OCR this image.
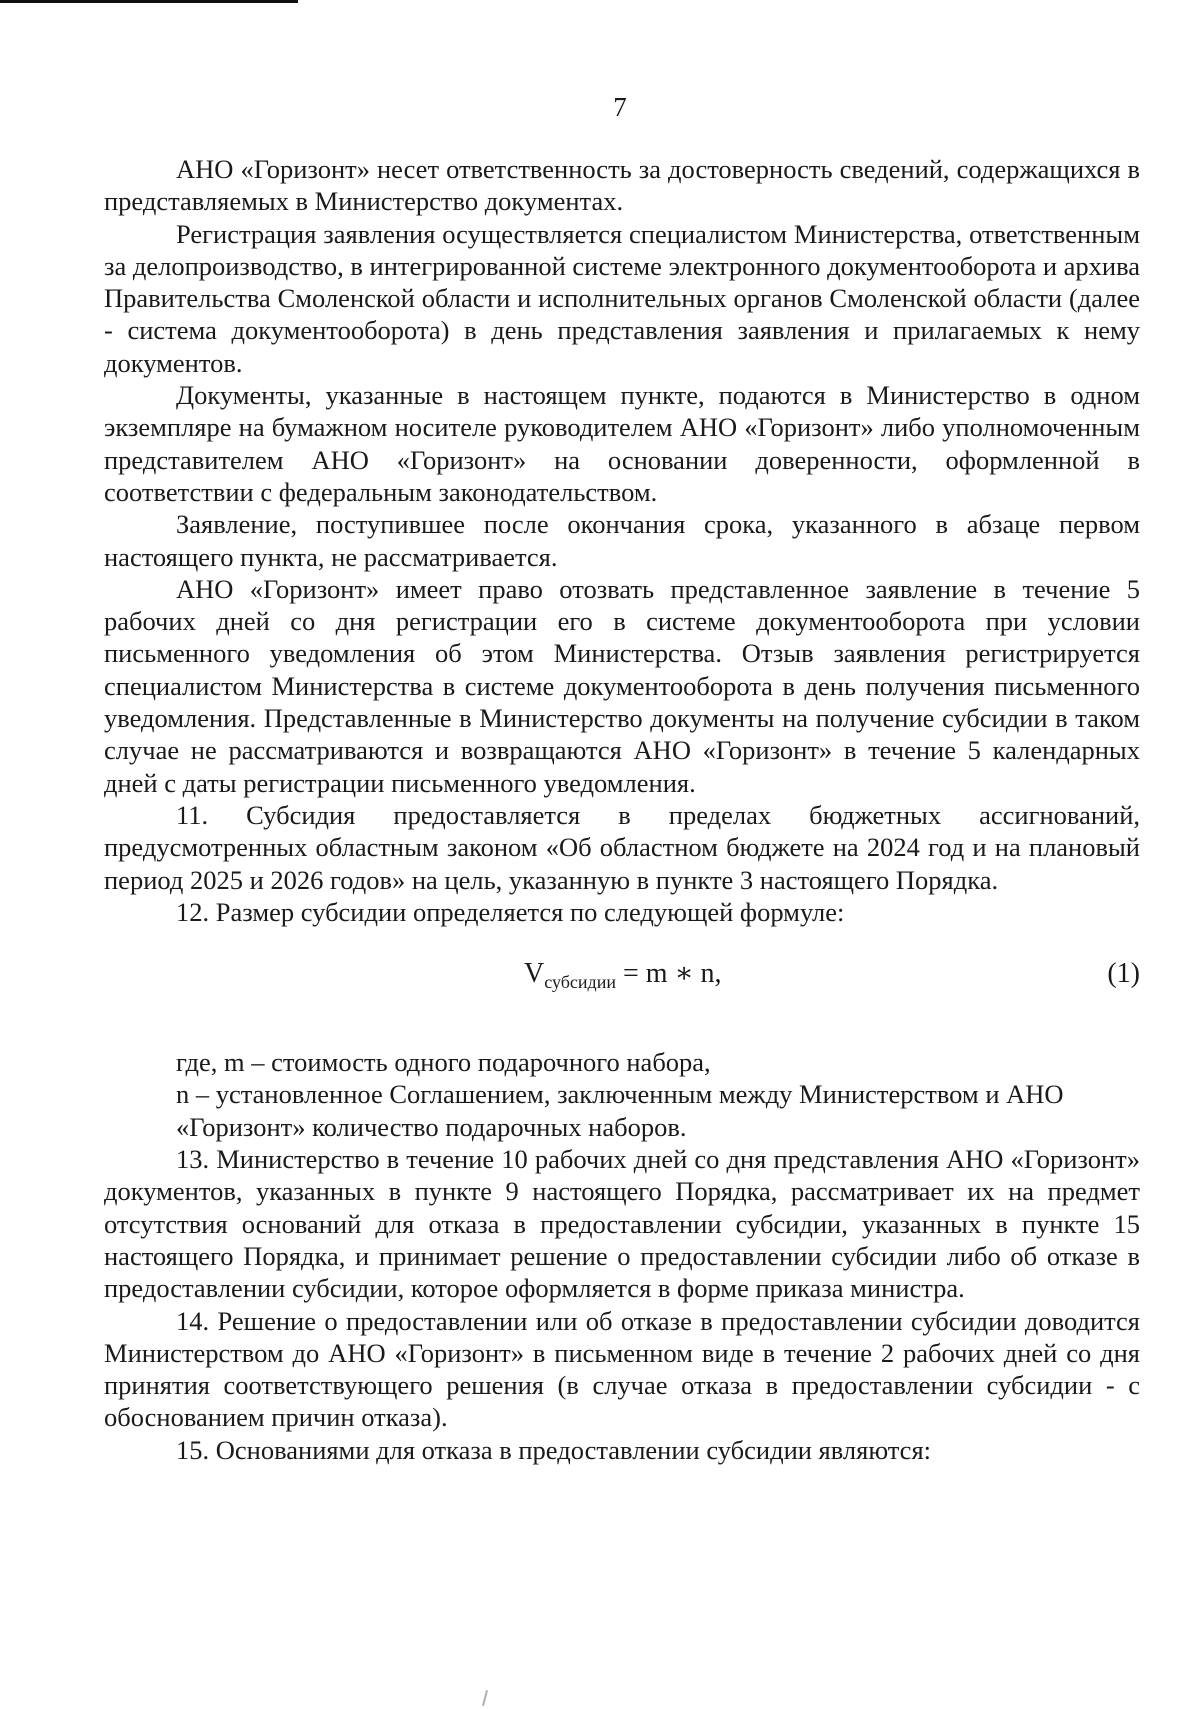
7

АНО «Горизонт» несет ответственность за достоверность сведений, содержащихся в представляемых в Министерство документах.

Регистрация заявления осуществляется специалистом Министерства, ответственным за делопроизводство, в интегрированной системе электронного документооборота и архива Правительства Смоленской области и исполнительных органов Смоленской области (далее - система документооборота) в день представления заявления и прилагаемых к нему документов.

Документы, указанные в настоящем пункте, подаются в Министерство в одном экземпляре на бумажном носителе руководителем АНО «Горизонт» либо уполномоченным представителем АНО «Горизонт» на основании доверенности, оформленной в соответствии с федеральным законодательством.

Заявление, поступившее после окончания срока, указанного в абзаце первом настоящего пункта, не рассматривается.

АНО «Горизонт» имеет право отозвать представленное заявление в течение 5 рабочих дней со дня регистрации его в системе документооборота при условии письменного уведомления об этом Министерства. Отзыв заявления регистрируется специалистом Министерства в системе документооборота в день получения письменного уведомления. Представленные в Министерство документы на получение субсидии в таком случае не рассматриваются и возвращаются АНО «Горизонт» в течение 5 календарных дней с даты регистрации письменного уведомления.

11. Субсидия предоставляется в пределах бюджетных ассигнований, предусмотренных областным законом «Об областном бюджете на 2024 год и на плановый период 2025 и 2026 годов» на цель, указанную в пункте 3 настоящего Порядка.

12. Размер субсидии определяется по следующей формуле:

$V_{субсидии} = m$ ∗ n,	(1)

где, m – стоимость одного подарочного набора,

n – установленное Соглашением, заключенным между Министерством и АНО

«Горизонт» количество подарочных наборов.

13. Министерство в течение 10 рабочих дней со дня представления АНО «Горизонт» документов, указанных в пункте 9 настоящего Порядка, рассматривает их на предмет отсутствия оснований для отказа в предоставлении субсидии, указанных в пункте 15 настоящего Порядка, и принимает решение о предоставлении субсидии либо об отказе в предоставлении субсидии, которое оформляется в форме приказа министра.

14. Решение о предоставлении или об отказе в предоставлении субсидии доводится Министерством до АНО «Горизонт» в письменном виде в течение 2 рабочих дней со дня принятия соответствующего решения (в случае отказа в предоставлении субсидии - с обоснованием причин отказа).

15. Основаниями для отказа в предоставлении субсидии являются:
